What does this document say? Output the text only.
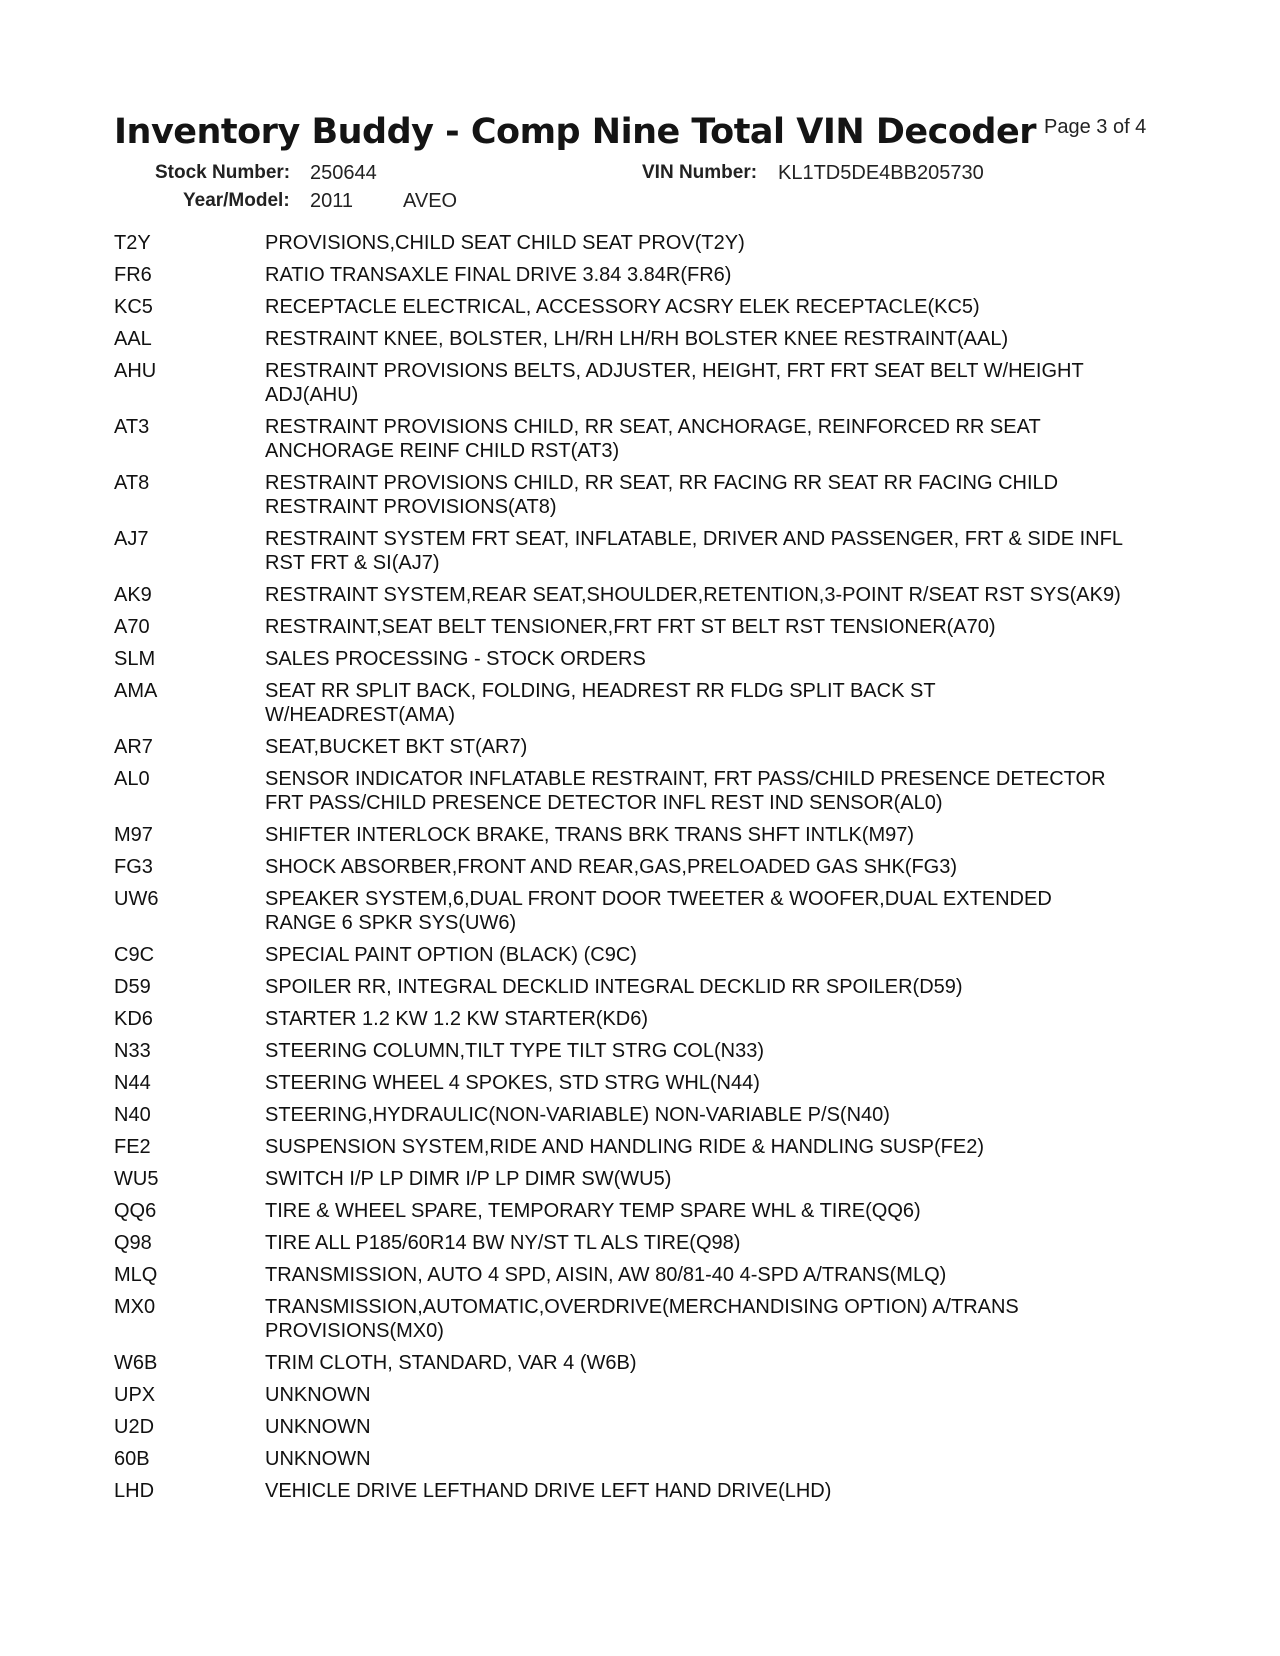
Inventory Buddy - Comp Nine Total VIN Decoder Page 3 of 4
Stock Number: 250644	VIN Number: KL1TD5DE4BB205730
Year/Model: 2011 AVEO
T2Y	PROVISIONS,CHILD SEAT CHILD SEAT PROV(T2Y)
FR6	RATIO TRANSAXLE FINAL DRIVE 3.84 3.84R(FR6)
KC5	RECEPTACLE ELECTRICAL, ACCESSORY ACSRY ELEK RECEPTACLE(KC5)
AAL	RESTRAINT KNEE, BOLSTER, LH/RH LH/RH BOLSTER KNEE RESTRAINT(AAL)
AHU	RESTRAINT PROVISIONS BELTS, ADJUSTER, HEIGHT, FRT FRT SEAT BELT W/HEIGHT
ADJ(AHU)
AT3	RESTRAINT PROVISIONS CHILD, RR SEAT, ANCHORAGE, REINFORCED RR SEAT
ANCHORAGE REINF CHILD RST(AT3)
AT8	RESTRAINT PROVISIONS CHILD, RR SEAT, RR FACING RR SEAT RR FACING CHILD
RESTRAINT PROVISIONS(AT8)
AJ7	RESTRAINT SYSTEM FRT SEAT, INFLATABLE, DRIVER AND PASSENGER, FRT & SIDE INFL
RST FRT & SI(AJ7)
AK9	RESTRAINT SYSTEM,REAR SEAT,SHOULDER,RETENTION,3-POINT R/SEAT RST SYS(AK9)
A70	RESTRAINT,SEAT BELT TENSIONER,FRT FRT ST BELT RST TENSIONER(A70)
SLM	SALES PROCESSING - STOCK ORDERS
AMA	SEAT RR SPLIT BACK, FOLDING, HEADREST RR FLDG SPLIT BACK ST
W/HEADREST(AMA)
AR7	SEAT,BUCKET BKT ST(AR7)
AL0	SENSOR INDICATOR INFLATABLE RESTRAINT, FRT PASS/CHILD PRESENCE DETECTOR
FRT PASS/CHILD PRESENCE DETECTOR INFL REST IND SENSOR(AL0)
M97	SHIFTER INTERLOCK BRAKE, TRANS BRK TRANS SHFT INTLK(M97)
FG3	SHOCK ABSORBER,FRONT AND REAR,GAS,PRELOADED GAS SHK(FG3)
UW6	SPEAKER SYSTEM,6,DUAL FRONT DOOR TWEETER & WOOFER,DUAL EXTENDED
RANGE 6 SPKR SYS(UW6)
C9C	SPECIAL PAINT OPTION (BLACK) (C9C)
D59	SPOILER RR, INTEGRAL DECKLID INTEGRAL DECKLID RR SPOILER(D59)
KD6	STARTER 1.2 KW 1.2 KW STARTER(KD6)
N33	STEERING COLUMN,TILT TYPE TILT STRG COL(N33)
N44	STEERING WHEEL 4 SPOKES, STD STRG WHL(N44)
N40	STEERING,HYDRAULIC(NON-VARIABLE) NON-VARIABLE P/S(N40)
FE2	SUSPENSION SYSTEM,RIDE AND HANDLING RIDE & HANDLING SUSP(FE2)
WU5	SWITCH I/P LP DIMR I/P LP DIMR SW(WU5)
QQ6	TIRE & WHEEL SPARE, TEMPORARY TEMP SPARE WHL & TIRE(QQ6)
Q98	TIRE ALL P185/60R14 BW NY/ST TL ALS TIRE(Q98)
MLQ	TRANSMISSION, AUTO 4 SPD, AISIN, AW 80/81-40 4-SPD A/TRANS(MLQ)
MX0	TRANSMISSION,AUTOMATIC,OVERDRIVE(MERCHANDISING OPTION) A/TRANS
PROVISIONS(MX0)
W6B	TRIM CLOTH, STANDARD, VAR 4 (W6B)
UPX	UNKNOWN
U2D	UNKNOWN
60B	UNKNOWN
LHD	VEHICLE DRIVE LEFTHAND DRIVE LEFT HAND DRIVE(LHD)
